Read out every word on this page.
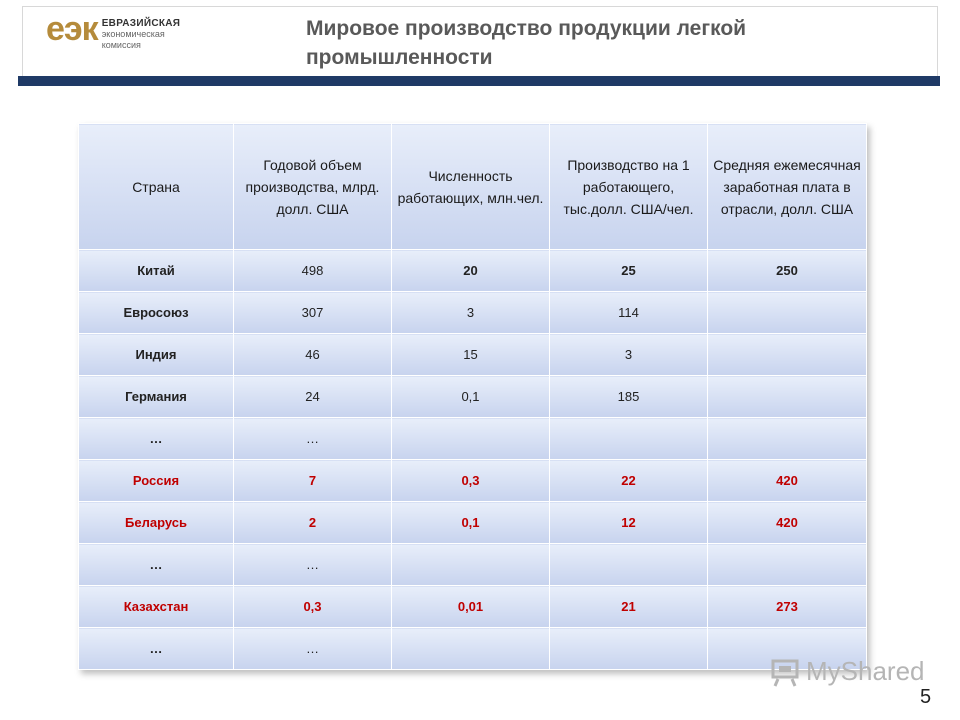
еэк ЕВРАЗИЙСКАЯ
экономическая
комиссия
Мировое производство продукции легкой промышленности
Страна	Годовой объем производства, млрд. долл. США	Численность работающих, млн.чел.	Производство на 1 работающего, тыс.долл. США/чел.	Средняя ежемесячная заработная плата в отрасли, долл. США
Китай	498	20	25	250
Евросоюз	307	3	114	
Индия	46	15	3	
Германия	24	0,1	185	
…	…			
Россия	7	0,3	22	420
Беларусь	2	0,1	12	420
…	…			
Казахстан	0,3	0,01	21	273
…	…			
MyShared
5
